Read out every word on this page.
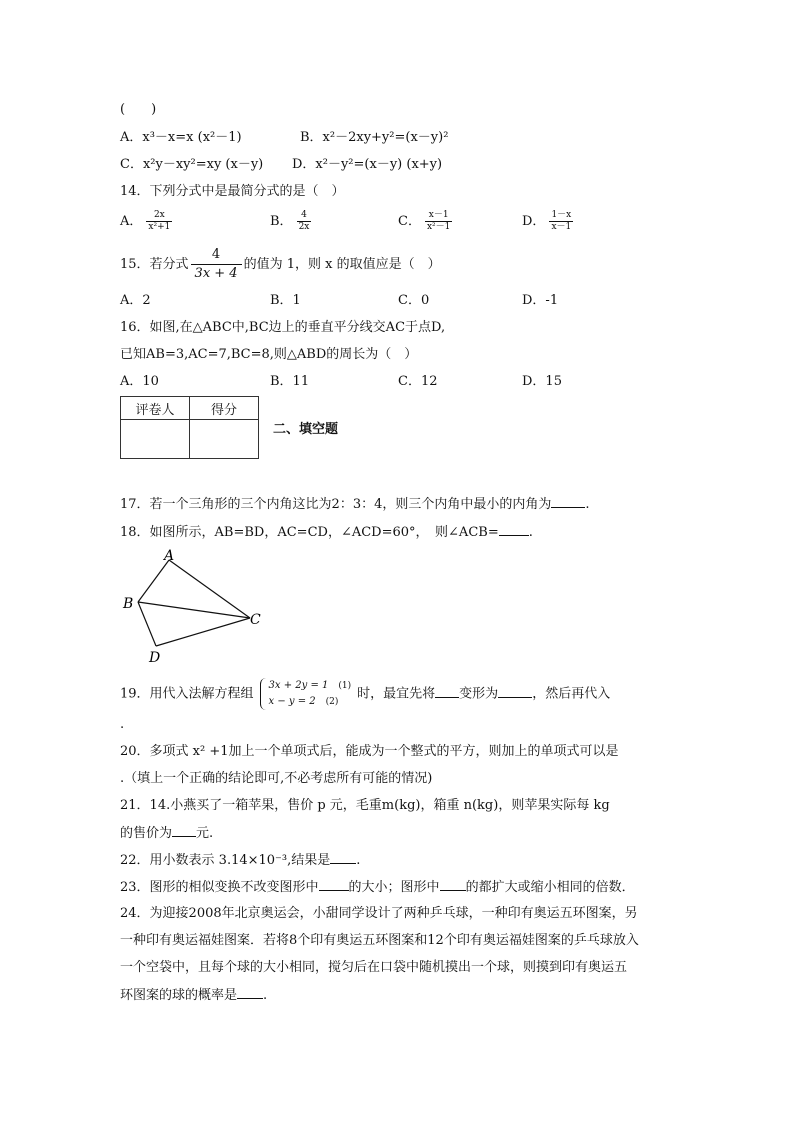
(　　)
A．x³－x=x (x²－1)	B．x²－2xy+y²=(x－y)²
C．x²y－xy²=xy (x－y) D．x²－y²=(x－y) (x+y)
14．下列分式中是最简分式的是（　）
A． $\frac{2x}{\text{x²+1}}$	B． $\frac{4}{2x}$	C． $\frac{x-1}{\text{x²－1}}$	D． $\frac{1-x}{x-1}$
15．若分式 $\frac{4}{3x + 4}$ 的值为 1，则 x 的取值应是（　）
A．2	B．1	C．0	D．-1
16．如图,在△ABC中,BC边上的垂直平分线交AC于点D,
已知AB=3,AC=7,BC=8,则△ABD的周长为（　）
A．10	B．11	C．12	D．15
评卷人	得分

二、填空题
17．若一个三角形的三个内角这比为2：3：4，则三个内角中最小的内角为	.
18．如图所示，AB=BD，AC=CD，∠ACD=60°，　则∠ACB= .
A
B
C
D
19．用代入法解方程组
3x + 2y = 1 (1)
x − y = 2 (2)
时，最宜先将 变形为	，然后再代入
.
20．多项式 x² +1加上一个单项式后，能成为一个整式的平方，则加上的单项式可以是
.（填上一个正确的结论即可,不必考虑所有可能的情况)
21．14.小燕买了一箱苹果，售价 p 元，毛重m(kg)，箱重 n(kg)，则苹果实际每 kg
的售价为 元.
22．用小数表示 3.14×10⁻³,结果是 .
23．图形的相似变换不改变图形中 的大小；图形中 的都扩大或缩小相同的倍数．
24．为迎接2008年北京奥运会，小甜同学设计了两种乒乓球，一种印有奥运五环图案，另
一种印有奥运福娃图案．若将8个印有奥运五环图案和12个印有奥运福娃图案的乒乓球放入
一个空袋中，且每个球的大小相同，搅匀后在口袋中随机摸出一个球，则摸到印有奥运五
环图案的球的概率是 .
